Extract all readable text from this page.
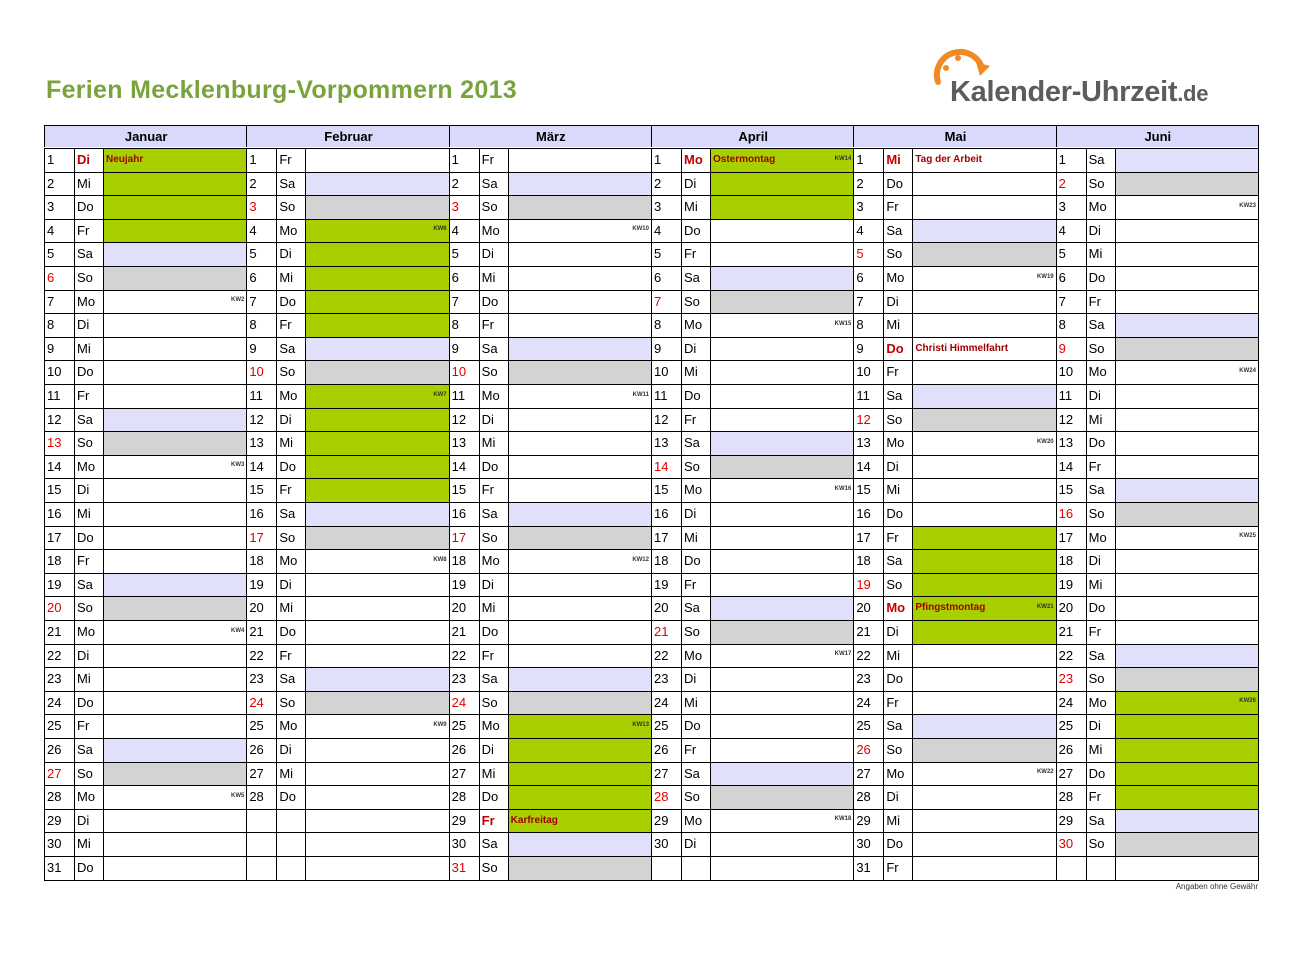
Ferien Mecklenburg-Vorpommern 2013	Kalender-Uhrzeit.de
Januar
1	Di	Neujahr
2	Mi
3	Do
4	Fr
5	Sa
6	So
7	Mo	KW2
8	Di
9	Mi
10	Do
11	Fr
12	Sa
13	So
14	Mo	KW3
15	Di
16	Mi
17	Do
18	Fr
19	Sa
20	So
21	Mo	KW4
22	Di
23	Mi
24	Do
25	Fr
26	Sa
27	So
28	Mo	KW5
29	Di
30	Mi
31	Do
Februar
1	Fr
2	Sa
3	So
4	Mo	KW6
5	Di
6	Mi
7	Do
8	Fr
9	Sa
10	So
11	Mo	KW7
12	Di
13	Mi
14	Do
15	Fr
16	Sa
17	So
18	Mo	KW8
19	Di
20	Mi
21	Do
22	Fr
23	Sa
24	So
25	Mo	KW9
26	Di
27	Mi
28	Do
März
1	Fr
2	Sa
3	So
4	Mo	KW10
5	Di
6	Mi
7	Do
8	Fr
9	Sa
10	So
11	Mo	KW11
12	Di
13	Mi
14	Do
15	Fr
16	Sa
17	So
18	Mo	KW12
19	Di
20	Mi
21	Do
22	Fr
23	Sa
24	So
25	Mo	KW13
26	Di
27	Mi
28	Do
29	Fr	Karfreitag
30	Sa
31	So
April
1	Mo	Ostermontag	KW14
2	Di
3	Mi
4	Do
5	Fr
6	Sa
7	So
8	Mo	KW15
9	Di
10	Mi
11	Do
12	Fr
13	Sa
14	So
15	Mo	KW16
16	Di
17	Mi
18	Do
19	Fr
20	Sa
21	So
22	Mo	KW17
23	Di
24	Mi
25	Do
26	Fr
27	Sa
28	So
29	Mo	KW18
30	Di
Mai
1	Mi	Tag der Arbeit
2	Do
3	Fr
4	Sa
5	So
6	Mo	KW19
7	Di
8	Mi
9	Do	Christi Himmelfahrt
10	Fr
11	Sa
12	So
13	Mo	KW20
14	Di
15	Mi
16	Do
17	Fr
18	Sa
19	So
20	Mo	Pfingstmontag	KW21
21	Di
22	Mi
23	Do
24	Fr
25	Sa
26	So
27	Mo	KW22
28	Di
29	Mi
30	Do
31	Fr
Juni
1	Sa
2	So
3	Mo	KW23
4	Di
5	Mi
6	Do
7	Fr
8	Sa
9	So
10	Mo	KW24
11	Di
12	Mi
13	Do
14	Fr
15	Sa
16	So
17	Mo	KW25
18	Di
19	Mi
20	Do
21	Fr
22	Sa
23	So
24	Mo	KW26
25	Di
26	Mi
27	Do
28	Fr
29	Sa
30	So
Angaben ohne Gewähr
